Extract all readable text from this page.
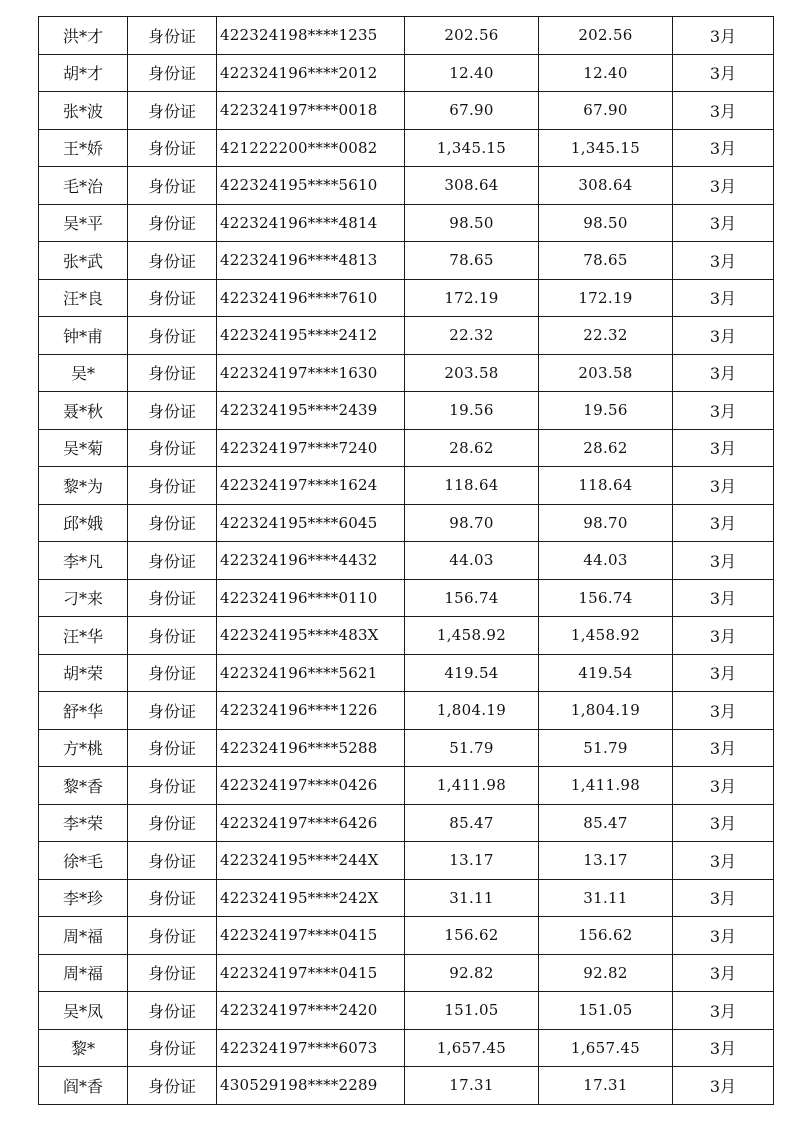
洪*才	身份证	422324198****1235	202.56	202.56	3月
胡*才	身份证	422324196****2012	12.40	12.40	3月
张*波	身份证	422324197****0018	67.90	67.90	3月
王*娇	身份证	421222200****0082	1,345.15	1,345.15	3月
毛*治	身份证	422324195****5610	308.64	308.64	3月
吴*平	身份证	422324196****4814	98.50	98.50	3月
张*武	身份证	422324196****4813	78.65	78.65	3月
汪*良	身份证	422324196****7610	172.19	172.19	3月
钟*甫	身份证	422324195****2412	22.32	22.32	3月
吴*	身份证	422324197****1630	203.58	203.58	3月
聂*秋	身份证	422324195****2439	19.56	19.56	3月
吴*菊	身份证	422324197****7240	28.62	28.62	3月
黎*为	身份证	422324197****1624	118.64	118.64	3月
邱*娥	身份证	422324195****6045	98.70	98.70	3月
李*凡	身份证	422324196****4432	44.03	44.03	3月
刁*来	身份证	422324196****0110	156.74	156.74	3月
汪*华	身份证	422324195****483X	1,458.92	1,458.92	3月
胡*荣	身份证	422324196****5621	419.54	419.54	3月
舒*华	身份证	422324196****1226	1,804.19	1,804.19	3月
方*桃	身份证	422324196****5288	51.79	51.79	3月
黎*香	身份证	422324197****0426	1,411.98	1,411.98	3月
李*荣	身份证	422324197****6426	85.47	85.47	3月
徐*毛	身份证	422324195****244X	13.17	13.17	3月
李*珍	身份证	422324195****242X	31.11	31.11	3月
周*福	身份证	422324197****0415	156.62	156.62	3月
周*福	身份证	422324197****0415	92.82	92.82	3月
吴*凤	身份证	422324197****2420	151.05	151.05	3月
黎*	身份证	422324197****6073	1,657.45	1,657.45	3月
阎*香	身份证	430529198****2289	17.31	17.31	3月
